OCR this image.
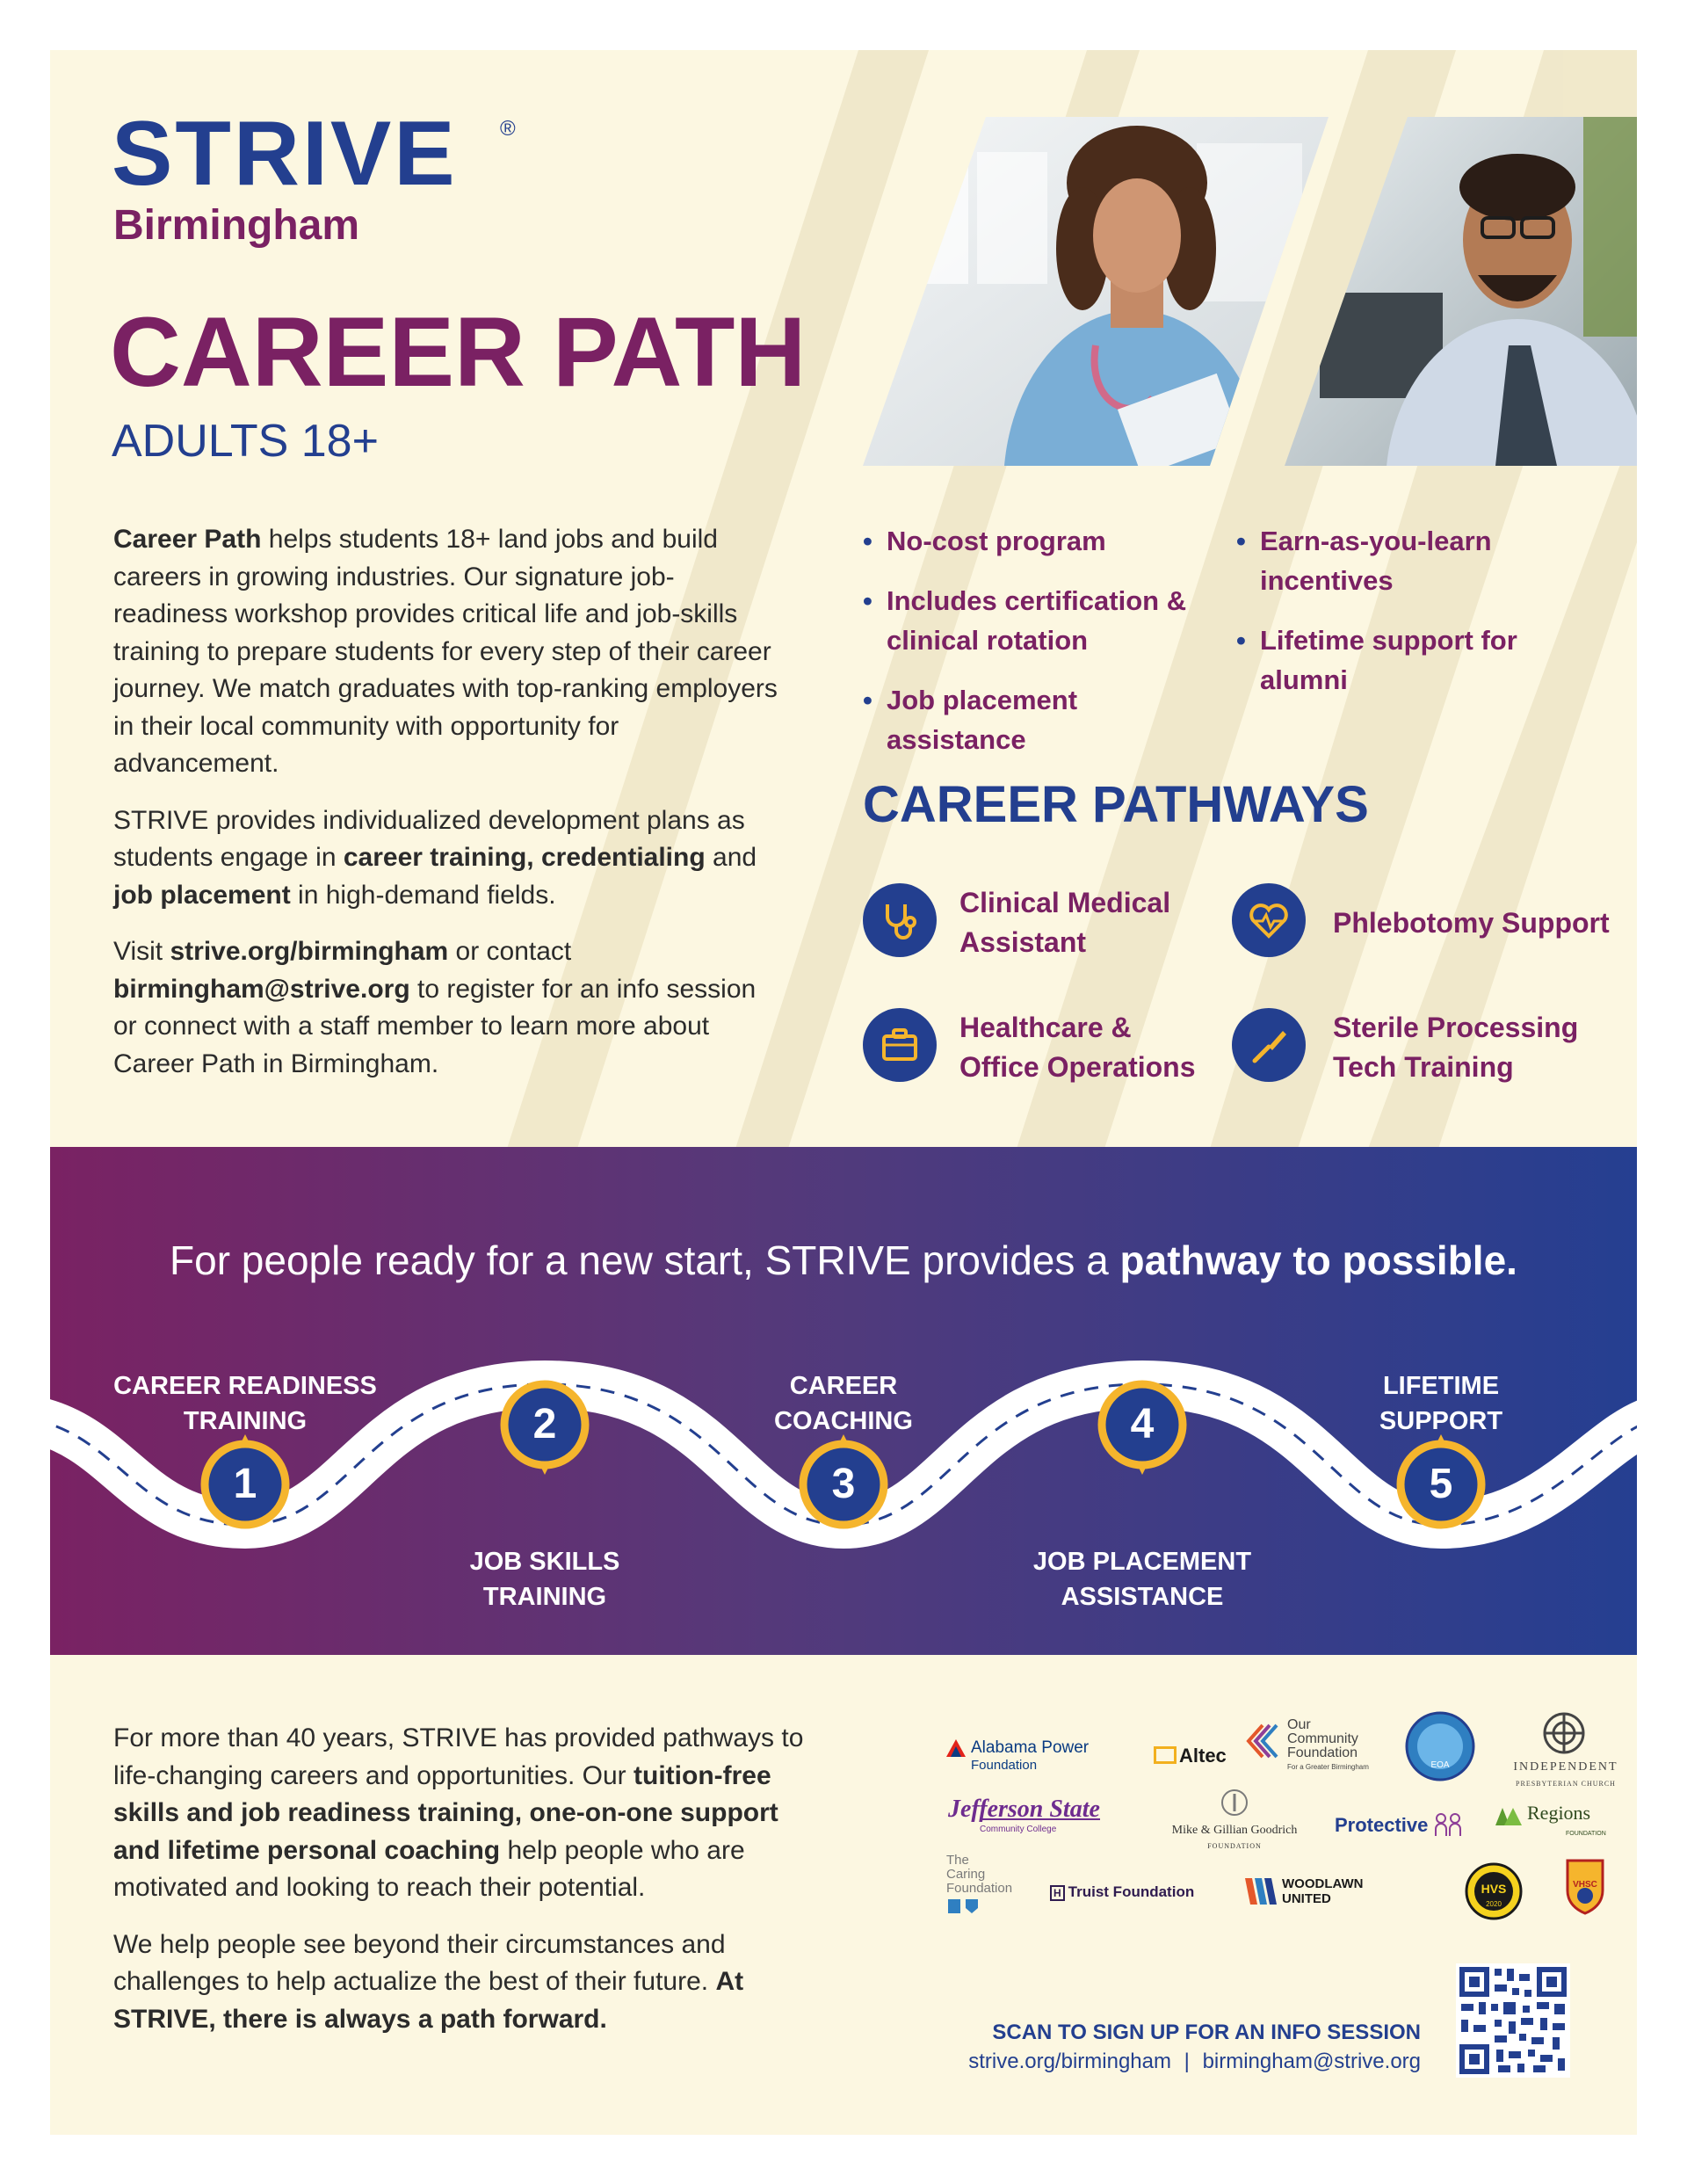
STRIVE ®
Birmingham
CAREER PATH
ADULTS 18+

Career Path helps students 18+ land jobs and build careers in growing industries. Our signature job-readiness workshop provides critical life and job-skills training to prepare students for every step of their career journey. We match graduates with top-ranking employers in their local community with opportunity for advancement.

STRIVE provides individualized development plans as students engage in career training, credentialing and job placement in high-demand fields.

Visit strive.org/birmingham or contact birmingham@strive.org to register for an info session or connect with a staff member to learn more about Career Path in Birmingham.

• No-cost program
• Includes certification & clinical rotation
• Job placement assistance
• Earn-as-you-learn incentives
• Lifetime support for alumni
CAREER PATHWAYS
Clinical Medical Assistant
Phlebotomy Support
Healthcare & Office Operations
Sterile Processing Tech Training
1
2
3
4
5
CAREER READINESS TRAINING
JOB SKILLS TRAINING
CAREER COACHING
JOB PLACEMENT ASSISTANCE
LIFETIME SUPPORT
For people ready for a new start, STRIVE provides a pathway to possible.

For more than 40 years, STRIVE has provided pathways to life-changing careers and opportunities. Our tuition-free skills and job readiness training, one-on-one support and lifetime personal coaching help people who are motivated and looking to reach their potential.

We help people see beyond their circumstances and challenges to help actualize the best of their future. At STRIVE, there is always a path forward.

Alabama Power
Foundation	Altec
Our
Community
Foundation
For a Greater Birmingham	EOA	INDEPENDENT
PRESBYTERIAN CHURCH
Jefferson State
Community College	Mike & Gillian Goodrich
FOUNDATION
Protective
Regions
FOUNDATION
The
Caring
Foundation	H Truist Foundation	WOODLAWN
UNITED
HVS
2020
VHSC
SCAN TO SIGN UP FOR AN INFO SESSION
strive.org/birmingham | birmingham@strive.org
